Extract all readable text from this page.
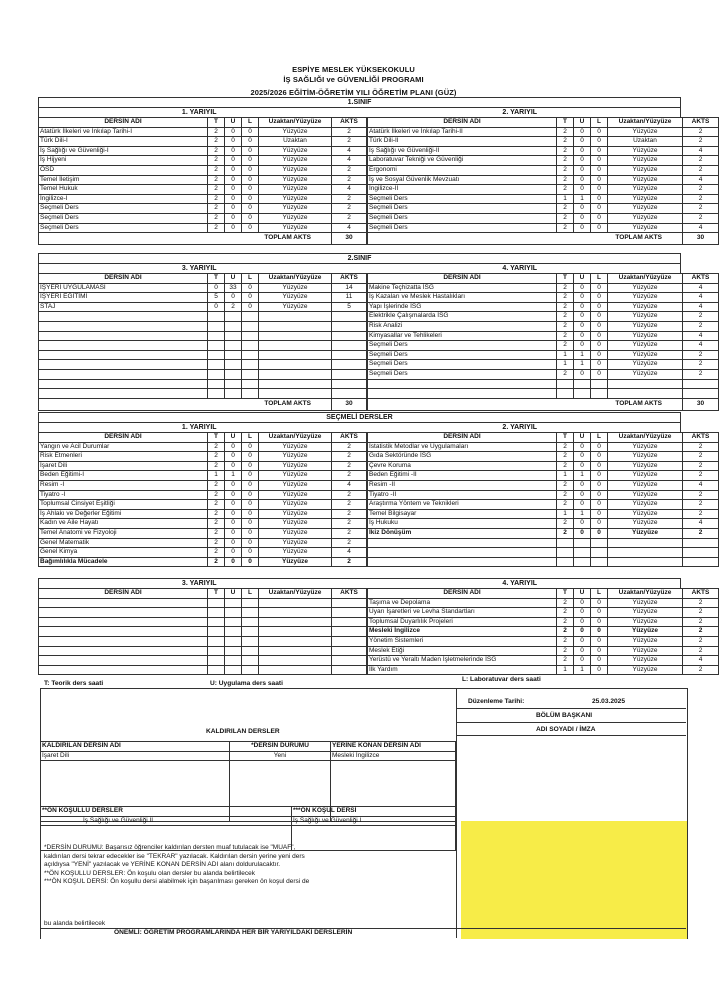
ESPİYE MESLEK YÜKSEKOKULU
İŞ SAĞLIĞI ve GÜVENLİĞİ PROGRAMI
2025/2026 EĞİTİM-ÖĞRETİM YILI ÖĞRETİM PLANI (GÜZ)
1.SINIF
1. YARIYIL	2. YARIYIL
DERSİN ADI	T	U	L	Uzaktan/Yüzyüze	AKTS
Atatürk İlkeleri ve İnkılap Tarihi-I	2	0	0	Yüzyüze	2
Türk Dili-I	2	0	0	Uzaktan	2
İş Sağlığı ve Güvenliği-I	2	0	0	Yüzyüze	4
İş Hijyeni	2	0	0	Yüzyüze	4
ÖSD	2	0	0	Yüzyüze	2
Temel İletişim	2	0	0	Yüzyüze	2
Temel Hukuk	2	0	0	Yüzyüze	4
İngilizce-I	2	0	0	Yüzyüze	2
Seçmeli Ders	2	0	0	Yüzyüze	2
Seçmeli Ders	2	0	0	Yüzyüze	2
Seçmeli Ders	2	0	0	Yüzyüze	4
TOPLAM AKTS					30
DERSİN ADI	T	U	L	Uzaktan/Yüzyüze	AKTS
Atatürk İlkeleri ve İnkılap Tarihi-II	2	0	0	Yüzyüze	2
Türk Dili-II	2	0	0	Uzaktan	2
İş Sağlığı ve Güvenliği-II	2	0	0	Yüzyüze	4
Laboratuvar Tekniği ve Güvenliği	2	0	0	Yüzyüze	2
Ergonomi	2	0	0	Yüzyüze	2
İş ve Sosyal Güvenlik Mevzuatı	2	0	0	Yüzyüze	4
İngilizce-II	2	0	0	Yüzyüze	2
Seçmeli Ders	1	1	0	Yüzyüze	2
Seçmeli Ders	2	0	0	Yüzyüze	2
Seçmeli Ders	2	0	0	Yüzyüze	2
Seçmeli Ders	2	0	0	Yüzyüze	4
TOPLAM AKTS					30
2.SINIF
3. YARIYIL	4. YARIYIL
DERSİN ADI	T	U	L	Uzaktan/Yüzyüze	AKTS
İŞYERİ UYGULAMASI	0	33	0	Yüzyüze	14
İŞYERİ EĞİTİMİ	5	0	0	Yüzyüze	11
STAJ	0	2	0	Yüzyüze	5

TOPLAM AKTS					30
DERSİN ADI	T	U	L	Uzaktan/Yüzyüze	AKTS
Makine Teçhizatta İSG	2	0	0	Yüzyüze	4
İş Kazaları ve Meslek Hastalıkları	2	0	0	Yüzyüze	4
Yapı İşlerinde İSG	2	0	0	Yüzyüze	4
Elektrikle Çalışmalarda İSG	2	0	0	Yüzyüze	2
Risk Analizi	2	0	0	Yüzyüze	2
Kimyasallar ve Tehlikeleri	2	0	0	Yüzyüze	4
Seçmeli Ders	2	0	0	Yüzyüze	4
Seçmeli Ders	1	1	0	Yüzyüze	2
Seçmeli Ders	1	1	0	Yüzyüze	2
Seçmeli Ders	2	0	0	Yüzyüze	2

TOPLAM AKTS					30
SEÇMELİ DERSLER
1. YARIYIL	2. YARIYIL
DERSİN ADI	T	U	L	Uzaktan/Yüzyüze	AKTS
Yangın ve Acil Durumlar	2	0	0	Yüzyüze	2
Risk Etmenleri	2	0	0	Yüzyüze	2
İşaret Dili	2	0	0	Yüzyüze	2
Beden Eğitimi-I	1	1	0	Yüzyüze	2
Resim -I	2	0	0	Yüzyüze	4
Tiyatro -I	2	0	0	Yüzyüze	2
Toplumsal Cinsiyet Eşitliği	2	0	0	Yüzyüze	2
İş Ahlakı ve Değerler Eğitimi	2	0	0	Yüzyüze	2
Kadın ve Aile Hayatı	2	0	0	Yüzyüze	2
Temel Anatomi ve Fizyoloji	2	0	0	Yüzyüze	2
Genel Matematik	2	0	0	Yüzyüze	2
Genel Kimya	2	0	0	Yüzyüze	4
Bağımlılıkla Mücadele	2	0	0	Yüzyüze	2
DERSİN ADI	T	U	L	Uzaktan/Yüzyüze	AKTS
İstatistik Metodlar ve Uygulamaları	2	0	0	Yüzyüze	2
Gıda Sektöründe İSG	2	0	0	Yüzyüze	2
Çevre Koruma	2	0	0	Yüzyüze	2
Beden Eğitimi -II	1	1	0	Yüzyüze	2
Resim -II	2	0	0	Yüzyüze	4
Tiyatro -II	2	0	0	Yüzyüze	2
Araştırma Yöntem ve Teknikleri	2	0	0	Yüzyüze	2
Temel Bilgisayar	1	1	0	Yüzyüze	2
İş Hukuku	2	0	0	Yüzyüze	4
İkiz Dönüşüm	2	0	0	Yüzyüze	2

3. YARIYIL	4. YARIYIL
DERSİN ADI	T	U	L	Uzaktan/Yüzyüze	AKTS

						DERSİN ADI	T	U	L	Uzaktan/Yüzyüze	AKTS
Taşıma ve Depolama	2	0	0	Yüzyüze	2
Uyarı İşaretleri ve Levha Standartları	2	0	0	Yüzyüze	2
Toplumsal Duyarlılık Projeleri	2	0	0	Yüzyüze	2
Mesleki İngilizce	2	0	0	Yüzyüze	2
Yönetim Sistemleri	2	0	0	Yüzyüze	2
Meslek Etiği	2	0	0	Yüzyüze	2
Yerüstü ve Yeraltı Maden İşletmelerinde İSG	2	0	0	Yüzyüze	4
İlk Yardım	1	1	0	Yüzyüze	2
T: Teorik ders saati	U: Uygulama ders saati
L: Laboratuvar ders saati
KALDIRILAN DERSLER
KALDIRILAN DERSİN ADI	*DERSİN DURUMU	YERİNE KONAN DERSİN ADI
İşaret Dili	Yeni	Mesleki İngilizce

**ÖN KOŞULLU DERSLER	***ÖN KOŞUL DERSİ
İş Sağlığı ve Güvenliği II	İş Sağlığı ve Güvenliği I

Düzenleme Tarihi:	25.03.2025
BÖLÜM BAŞKANI
ADI SOYADI / İMZA
*DERSİN DURUMU: Başarısız öğrenciler kaldırılan dersten muaf tutulacak ise "MUAF",
kaldırılan dersi tekrar edecekler ise "TEKRAR" yazılacak. Kaldırılan dersin yerine yeni ders
açıldıysa "YENİ" yazılacak ve YERİNE KONAN DERSİN ADI alanı doldurulacaktır.
**ÖN KOŞULLU DERSLER: Ön koşulu olan dersler bu alanda belirtilecek
***ÖN KOŞUL DERSİ: Ön koşullu dersi alabilmek için başarılması gereken ön koşul dersi de
bu alanda belirtilecek
ÖNEMLİ: ÖĞRETİM PROGRAMLARINDA HER BİR YARIYILDAKİ DERSLERİN
